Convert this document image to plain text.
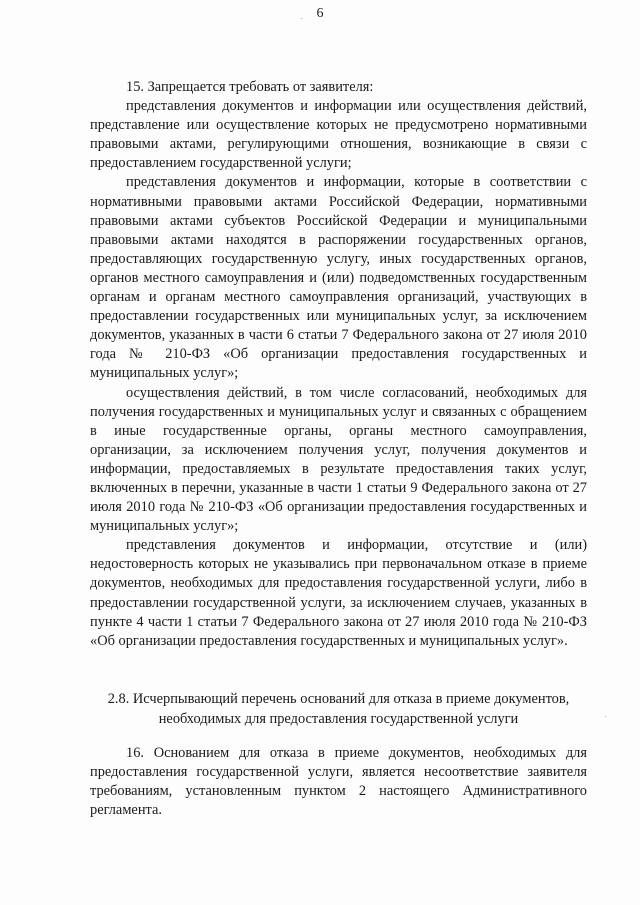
6
·

15. Запрещается требовать от заявителя:

представления документов и информации или осуществления действий, представление или осуществление которых не предусмотрено нормативными правовыми актами, регулирующими отношения, возникающие в связи с предоставлением государственной услуги;

представления документов и информации, которые в соответствии с нормативными правовыми актами Российской Федерации, нормативными правовыми актами субъектов Российской Федерации и муниципальными правовыми актами находятся в распоряжении государственных органов, предоставляющих государственную услугу, иных государственных органов, органов местного самоуправления и (или) подведомственных государственным органам и органам местного самоуправления организаций, участвующих в предоставлении государственных или муниципальных услуг, за исключением документов, указанных в части 6 статьи 7 Федерального закона от 27 июля 2010 года № 210-ФЗ «Об организации предоставления государственных и муниципальных услуг»;

осуществления действий, в том числе согласований, необходимых для получения государственных и муниципальных услуг и связанных с обращением в иные государственные органы, органы местного самоуправления, организации, за исключением получения услуг, получения документов и информации, предоставляемых в результате предоставления таких услуг, включенных в перечни, указанные в части 1 статьи 9 Федерального закона от 27 июля 2010 года № 210-ФЗ «Об организации предоставления государственных и муниципальных услуг»;

представления документов и информации, отсутствие и (или) недостоверность которых не указывались при первоначальном отказе в приеме документов, необходимых для предоставления государственной услуги, либо в предоставлении государственной услуги, за исключением случаев, указанных в пункте 4 части 1 статьи 7 Федерального закона от 27 июля 2010 года № 210-ФЗ «Об организации предоставления государственных и муниципальных услуг».

2.8. Исчерпывающий перечень оснований для отказа в приеме документов,
необходимых для предоставления государственной услуги	·

16. Основанием для отказа в приеме документов, необходимых для предоставления государственной услуги, является несоответствие заявителя требованиям, установленным пунктом 2 настоящего Административного регламента.
